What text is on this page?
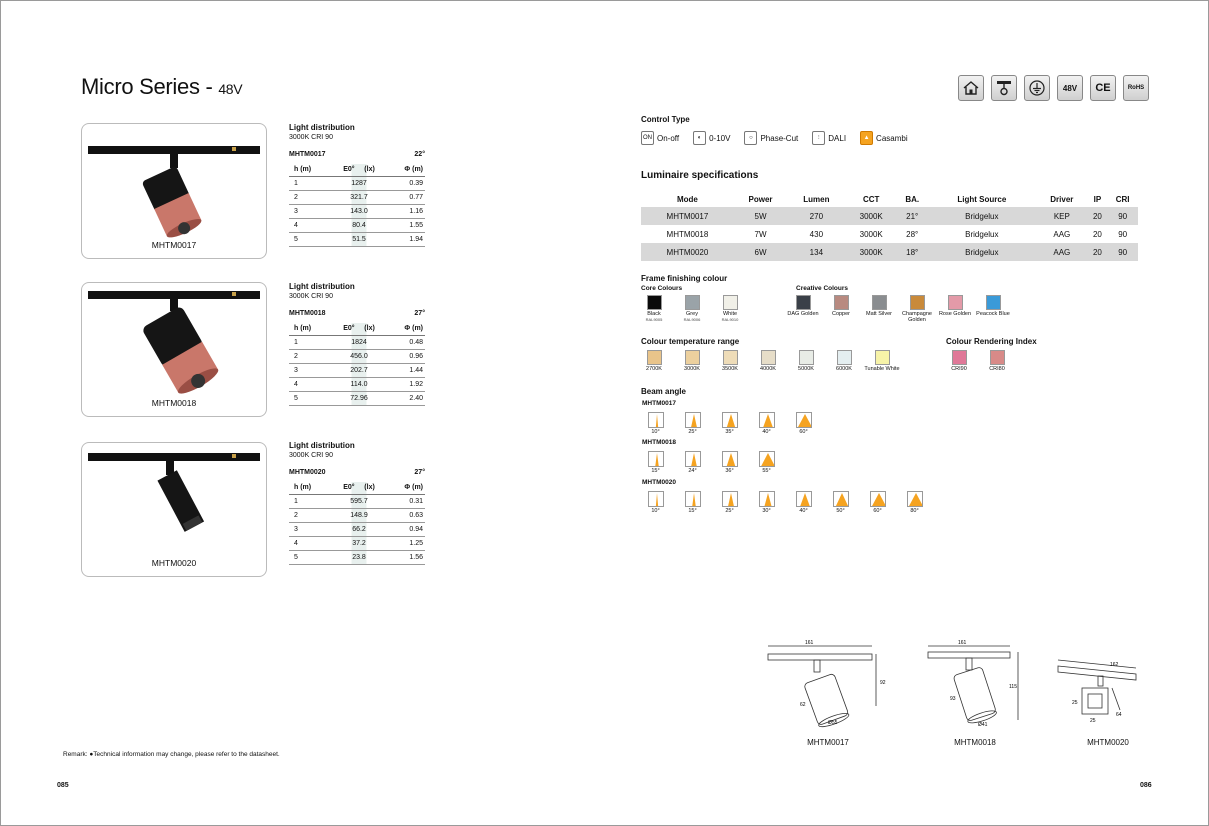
Micro Series - 48V	48V	CE	RoHS
MHTM0017
MHTM0018
MHTM0020
Light distribution
3000K CRI 90
MHTM0017	22°
h (m)	E0° (lx)	Φ (m)
1	1287	0.39
2	321.7	0.77
3	143.0	1.16
4	80.4	1.55
5	51.5	1.94
Light distribution
3000K CRI 90
MHTM0018	27°
h (m)	E0° (lx)	Φ (m)
1	1824	0.48
2	456.0	0.96
3	202.7	1.44
4	114.0	1.92
5	72.96	2.40
Light distribution
3000K CRI 90
MHTM0020	27°
h (m)	E0° (lx)	Φ (m)
1	595.7	0.31
2	148.9	0.63
3	66.2	0.94
4	37.2	1.25
5	23.8	1.56
Control Type
ON On-off	◐ 0-10V	○ Phase-Cut	⫶	DALI	▲ Casambi
Luminaire specifications
Mode	Power	Lumen	CCT	BA.	Light Source	Driver	IP	CRI
MHTM0017	5W	270	3000K	21°	Bridgelux	KEP	20	90
MHTM0018	7W	430	3000K	28°	Bridgelux	AAG	20	90
MHTM0020	6W	134	3000K	18°	Bridgelux	AAG	20	90
Frame finishing colour
Core Colours	Creative Colours
Black
RAL9005
Grey
RAL9006
White
RAL9010
DAG Golden	Copper	Matt Silver	Champagne Golden
Rose Golden Peacock Blue
Colour temperature range
2700K	3000K	3500K	4000K	5000K	6000K	Tunable White
Colour Rendering Index
CRI90	CRI80
Beam angle
MHTM0017
10°	25°	35°	40°	60°
MHTM0018
15°	24°	36°	55°
MHTM0020
10°	15°	25°	30°	40°	50°	60°	80°
161
92
62
Ø55
161
115
93
Ø41
162
25
25
64
MHTM0017	MHTM0018	MHTM0020
Remark: ●Technical information may change, please refer to the datasheet.
085	086
